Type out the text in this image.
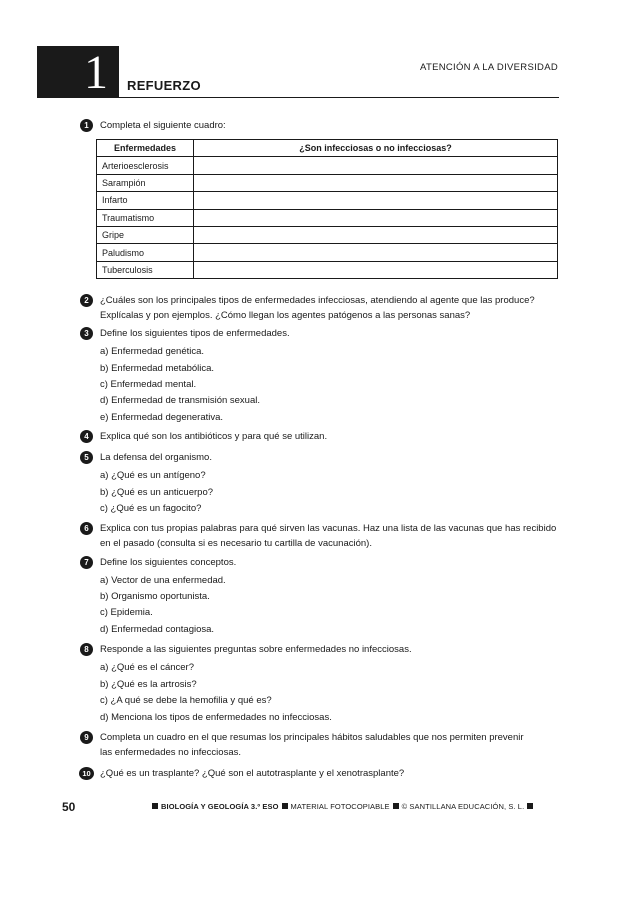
1 REFUERZO
ATENCIÓN A LA DIVERSIDAD
1	Completa el siguiente cuadro:
Enfermedades	¿Son infecciosas o no infecciosas?
Arterioesclerosis	
Sarampión	
Infarto	
Traumatismo	
Gripe	
Paludismo	
Tuberculosis	
2	¿Cuáles son los principales tipos de enfermedades infecciosas, atendiendo al agente que las produce?
Explícalas y pon ejemplos. ¿Cómo llegan los agentes patógenos a las personas sanas?
3	Define los siguientes tipos de enfermedades.
a) Enfermedad genética.
b) Enfermedad metabólica.
c) Enfermedad mental.
d) Enfermedad de transmisión sexual.
e) Enfermedad degenerativa.
4	Explica qué son los antibióticos y para qué se utilizan.
5	La defensa del organismo.
a) ¿Qué es un antígeno?
b) ¿Qué es un anticuerpo?
c) ¿Qué es un fagocito?
6	Explica con tus propias palabras para qué sirven las vacunas. Haz una lista de las vacunas que has recibido
en el pasado (consulta si es necesario tu cartilla de vacunación).
7	Define los siguientes conceptos.
a) Vector de una enfermedad.
b) Organismo oportunista.
c) Epidemia.
d) Enfermedad contagiosa.
8	Responde a las siguientes preguntas sobre enfermedades no infecciosas.
a) ¿Qué es el cáncer?
b) ¿Qué es la artrosis?
c) ¿A qué se debe la hemofilia y qué es?
d) Menciona los tipos de enfermedades no infecciosas.
9	Completa un cuadro en el que resumas los principales hábitos saludables que nos permiten prevenir
las enfermedades no infecciosas.
10 ¿Qué es un trasplante? ¿Qué son el autotrasplante y el xenotrasplante?
50	BIOLOGÍA Y GEOLOGÍA 3.º ESO MATERIAL FOTOCOPIABLE © SANTILLANA EDUCACIÓN, S. L.
